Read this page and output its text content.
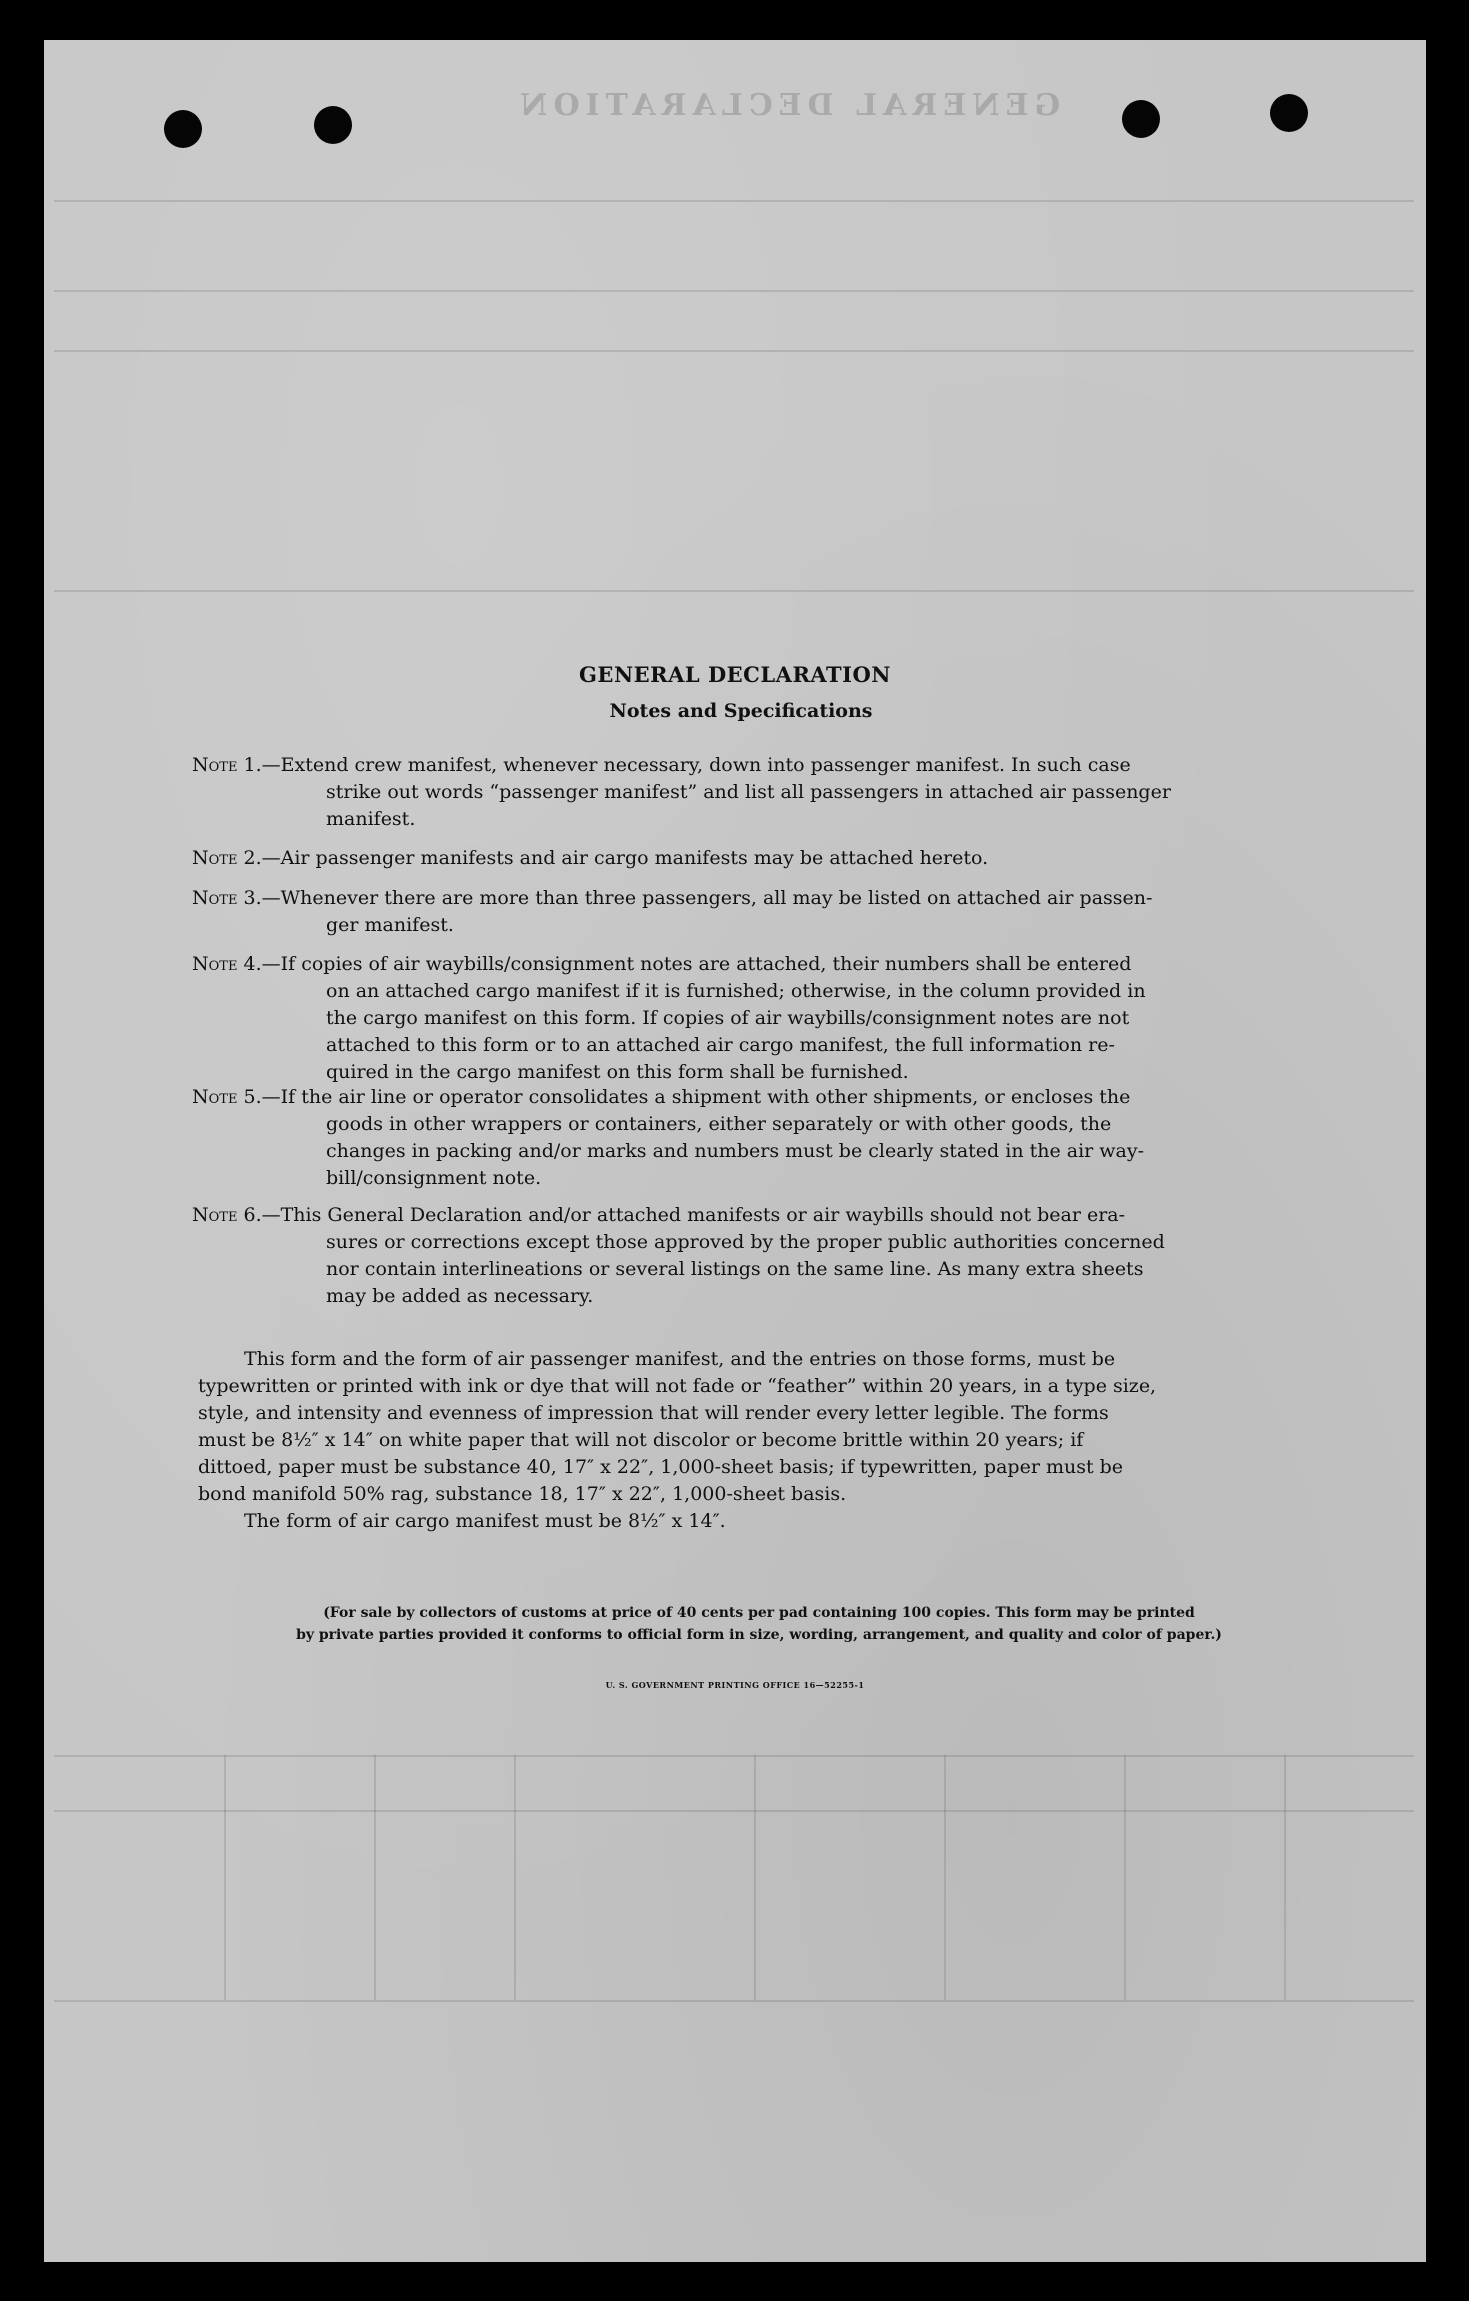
GENERAL DECLARATION
GENERAL DECLARATION
Notes and Specifications
Note 1.—Extend crew manifest, whenever necessary, down into passenger manifest. In such case
strike out words “passenger manifest” and list all passengers in attached air passenger
manifest.
Note 2.—Air passenger manifests and air cargo manifests may be attached hereto.
Note 3.—Whenever there are more than three passengers, all may be listed on attached air passen-
ger manifest.
Note 4.—If copies of air waybills/consignment notes are attached, their numbers shall be entered
on an attached cargo manifest if it is furnished; otherwise, in the column provided in
the cargo manifest on this form. If copies of air waybills/consignment notes are not
attached to this form or to an attached air cargo manifest, the full information re-
quired in the cargo manifest on this form shall be furnished.
Note 5.—If the air line or operator consolidates a shipment with other shipments, or encloses the
goods in other wrappers or containers, either separately or with other goods, the
changes in packing and/or marks and numbers must be clearly stated in the air way-
bill/consignment note.
Note 6.—This General Declaration and/or attached manifests or air waybills should not bear era-
sures or corrections except those approved by the proper public authorities concerned
nor contain interlineations or several listings on the same line. As many extra sheets
may be added as necessary.
This form and the form of air passenger manifest, and the entries on those forms, must be
typewritten or printed with ink or dye that will not fade or “feather” within 20 years, in a type size,
style, and intensity and evenness of impression that will render every letter legible. The forms
must be 8½″ x 14″ on white paper that will not discolor or become brittle within 20 years; if
dittoed, paper must be substance 40, 17″ x 22″, 1,000-sheet basis; if typewritten, paper must be
bond manifold 50% rag, substance 18, 17″ x 22″, 1,000-sheet basis.
The form of air cargo manifest must be 8½″ x 14″.
(For sale by collectors of customs at price of 40 cents per pad containing 100 copies. This form may be printed
by private parties provided it conforms to official form in size, wording, arrangement, and quality and color of paper.)
U. S. GOVERNMENT PRINTING OFFICE 16—52255-1
